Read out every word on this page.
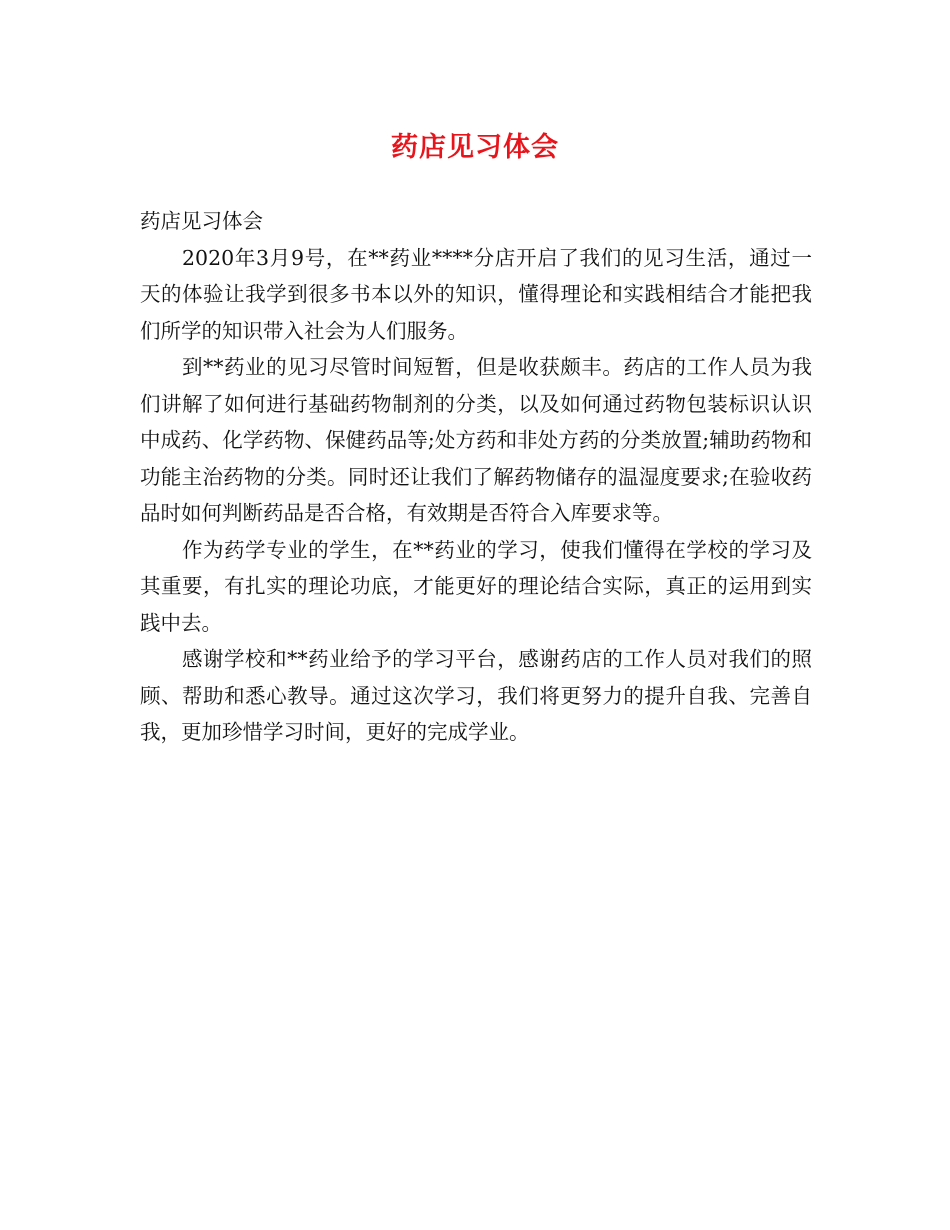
药店见习体会

药店见习体会

2020年3月9号，在**药业****分店开启了我们的见习生活，通过一天的体验让我学到很多书本以外的知识，懂得理论和实践相结合才能把我们所学的知识带入社会为人们服务。

到**药业的见习尽管时间短暂，但是收获颇丰。药店的工作人员为我们讲解了如何进行基础药物制剂的分类，以及如何通过药物包装标识认识中成药、化学药物、保健药品等;处方药和非处方药的分类放置;辅助药物和功能主治药物的分类。同时还让我们了解药物储存的温湿度要求;在验收药品时如何判断药品是否合格，有效期是否符合入库要求等。

作为药学专业的学生，在**药业的学习，使我们懂得在学校的学习及其重要，有扎实的理论功底，才能更好的理论结合实际，真正的运用到实践中去。

感谢学校和**药业给予的学习平台，感谢药店的工作人员对我们的照顾、帮助和悉心教导。通过这次学习，我们将更努力的提升自我、完善自我，更加珍惜学习时间，更好的完成学业。
